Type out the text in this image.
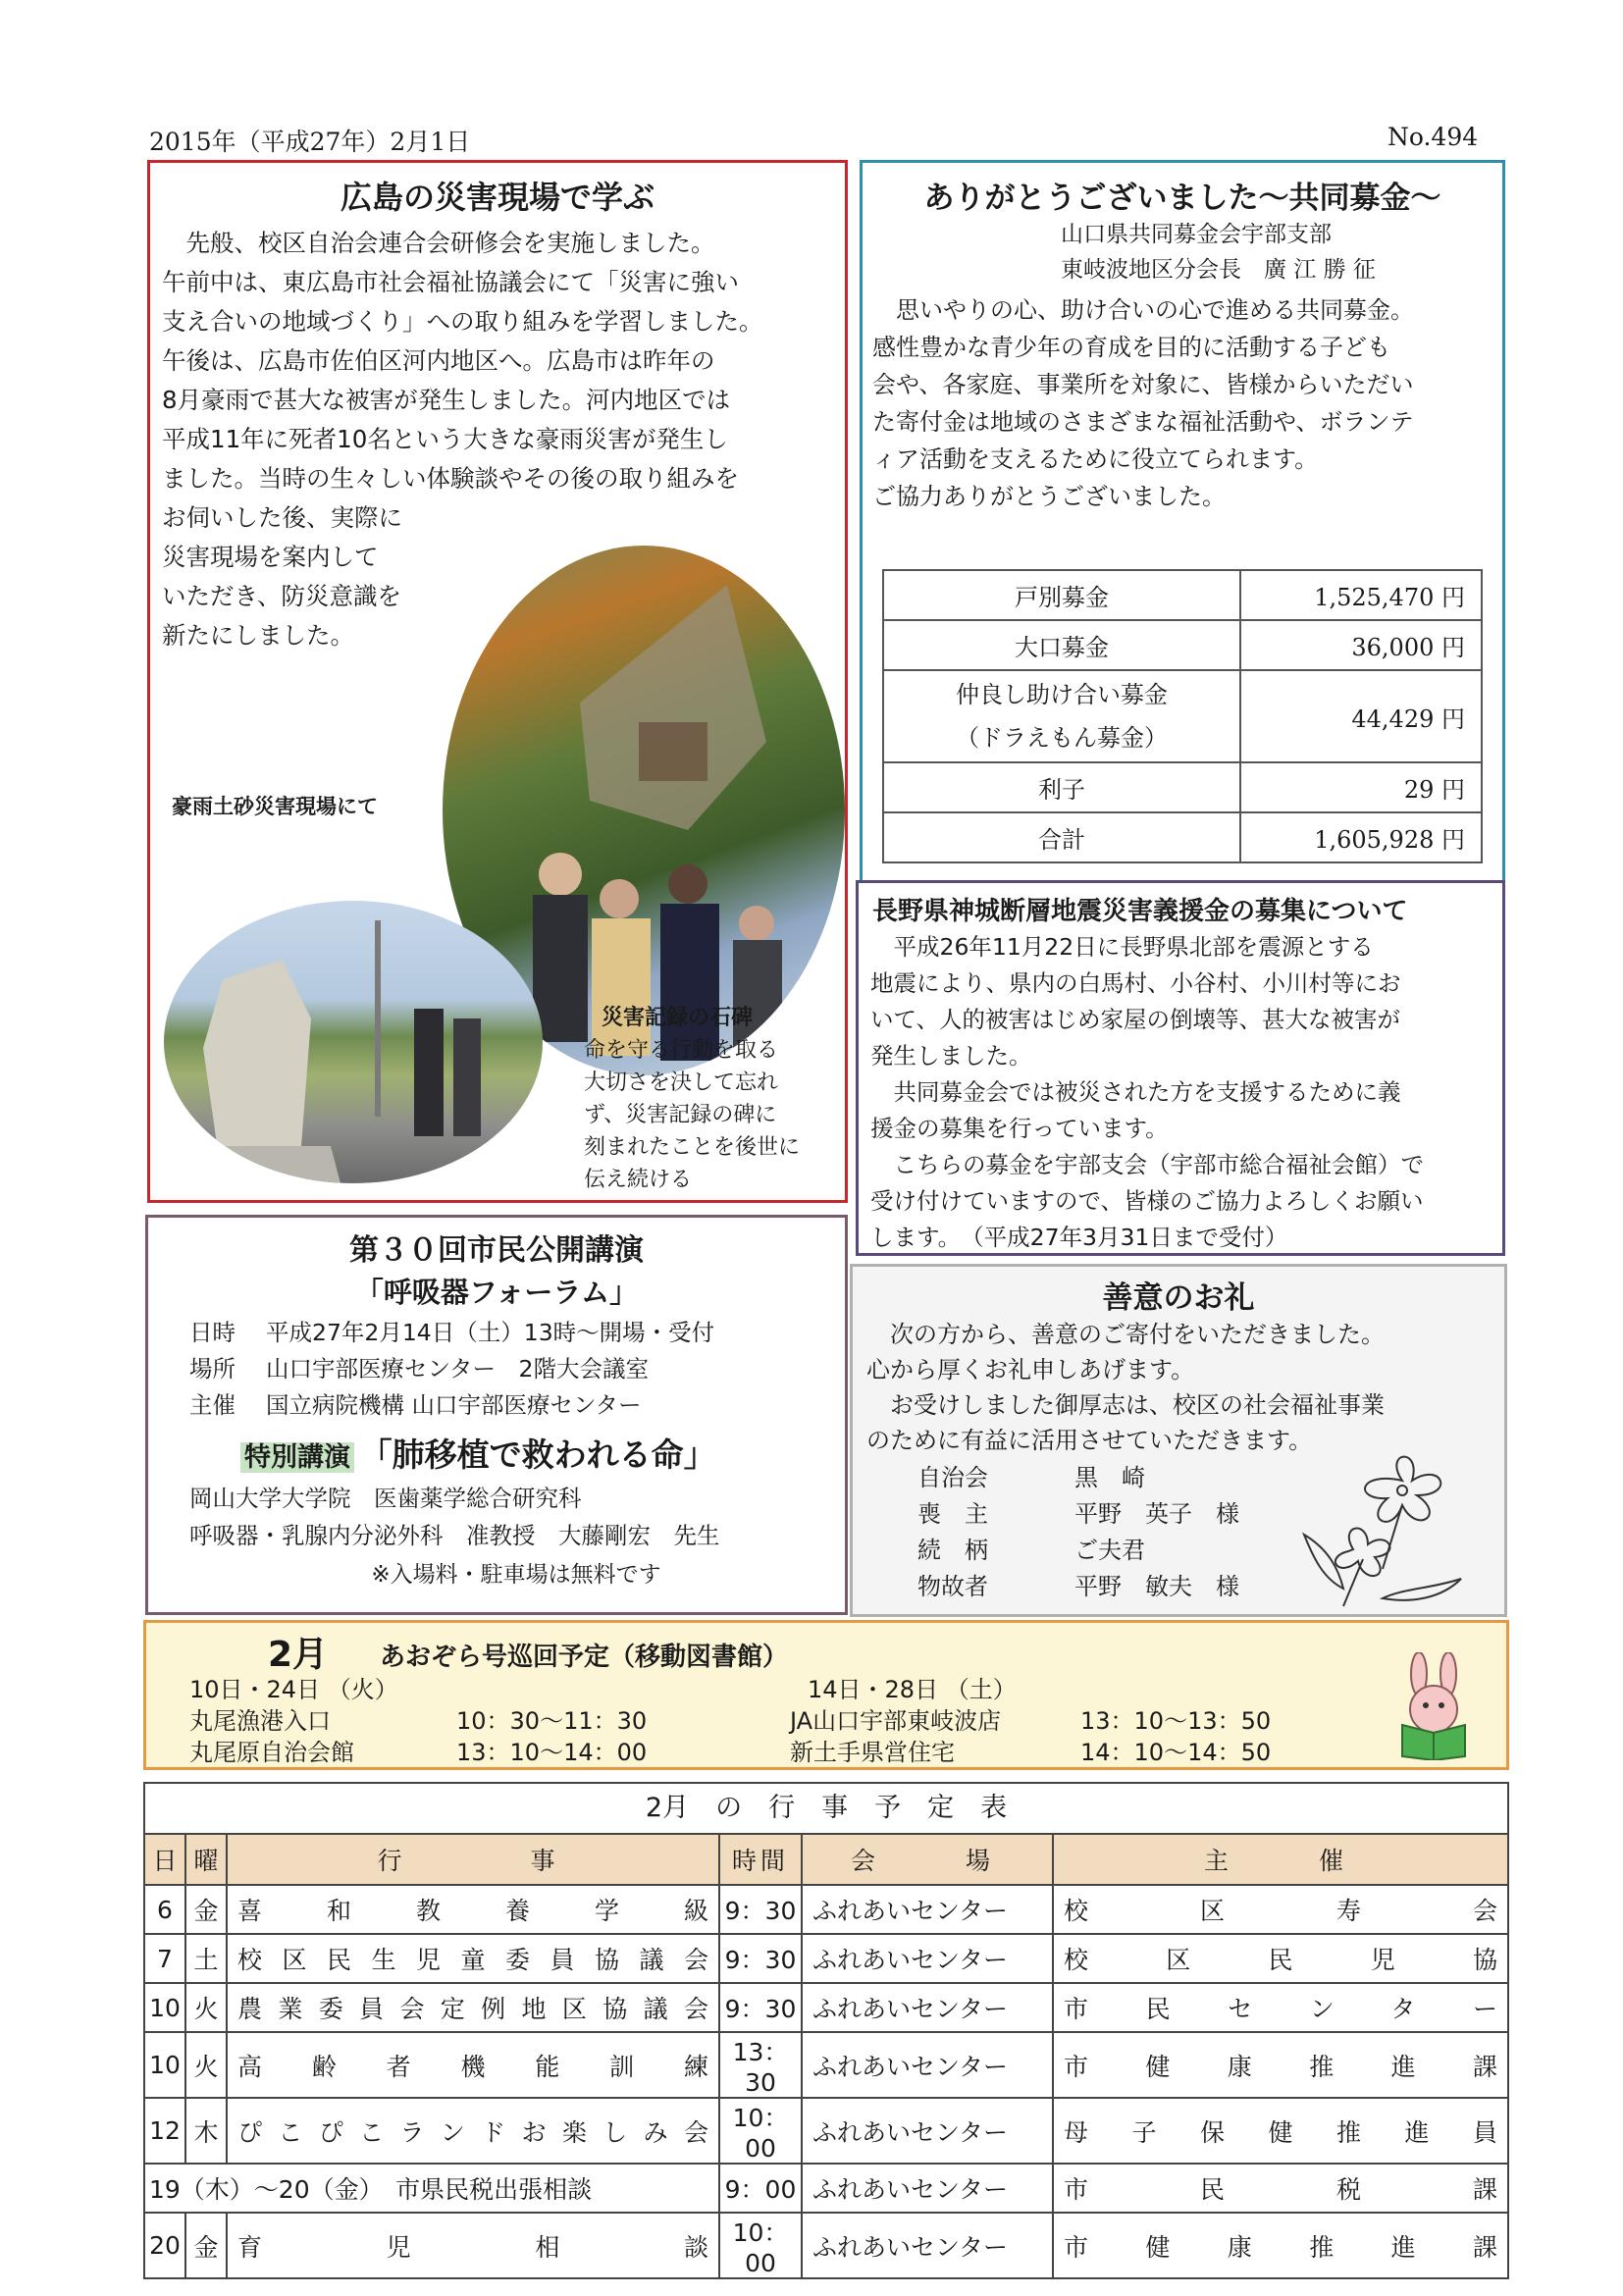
2015年（平成27年）2月1日	No.494
広島の災害現場で学ぶ

　先般、校区自治会連合会研修会を実施しました。

午前中は、東広島市社会福祉協議会にて「災害に強い

支え合いの地域づくり」への取り組みを学習しました。

午後は、広島市佐伯区河内地区へ。広島市は昨年の

8月豪雨で甚大な被害が発生しました。河内地区では

平成11年に死者10名という大きな豪雨災害が発生し

ました。当時の生々しい体験談やその後の取り組みを

お伺いした後、実際に

災害現場を案内して

いただき、防災意識を

新たにしました。

豪雨土砂災害現場にて
災害記録の石碑

命を守る行動を取る

大切さを決して忘れ

ず、災害記録の碑に

刻まれたことを後世に

伝え続ける

ありがとうございました～共同募金～

山口県共同募金会宇部支部

東岐波地区分会長　廣 江 勝 征

　思いやりの心、助け合いの心で進める共同募金。

感性豊かな青少年の育成を目的に活動する子ども

会や、各家庭、事業所を対象に、皆様からいただい

た寄付金は地域のさまざまな福祉活動や、ボランテ

ィア活動を支えるために役立てられます。

ご協力ありがとうございました。

戸別募金	1,525,470 円
大口募金	36,000 円

仲良し助け合い募金
（ドラえもん募金）	44,429 円
利子	29 円
合計	1,605,928 円
長野県神城断層地震災害義援金の募集について

　平成26年11月22日に長野県北部を震源とする

地震により、県内の白馬村、小谷村、小川村等にお

いて、人的被害はじめ家屋の倒壊等、甚大な被害が

発生しました。

　共同募金会では被災された方を支援するために義

援金の募集を行っています。

　こちらの募金を宇部支会（宇部市総合福祉会館）で

受け付けていますので、皆様のご協力よろしくお願い

します。　（平成27年3月31日まで受付）

第３０回市民公開講演
「呼吸器フォーラム」
日時 平成27年2月14日（土）13時～開場・受付
場所 山口宇部医療センター　2階大会議室
主催 国立病院機構 山口宇部医療センター
特別講演 「肺移植で救われる命」

岡山大学大学院　医歯薬学総合研究科

呼吸器・乳腺内分泌外科　准教授　大藤剛宏　先生

※入場料・駐車場は無料です
善意のお礼

　次の方から、善意のご寄付をいただきました。

心から厚くお礼申しあげます。

　お受けしました御厚志は、校区の社会福祉事業

のために有益に活用させていただきます。

自治会	黒　崎
喪　主	平野　英子　様
続　柄	ご夫君
物故者	平野　敏夫　様
2月 あおぞら号巡回予定（移動図書館）
10日・24日 （火）
丸尾漁港入口	10：30～11：30
丸尾原自治会館	13：10～14：00
14日・28日 （土）
JA山口宇部東岐波店	13：10～13：50
新土手県営住宅	14：10～14：50
2月　の　行　事　予　定　表
日	曜	行　　　事	時間	会　　場	主　　催
6	金	喜和教養学級	9：30	ふれあいセンター	校区寿会
7	土	校区民生児童委員協議会	9：30	ふれあいセンター	校区民児協
10	火	農業委員会定例地区協議会	9：30	ふれあいセンター	市民センター
10	火	高齢者機能訓練	13：30	ふれあいセンター	市健康推進課
12	木	ぴこぴこランドお楽しみ会	10：00	ふれあいセンター	母子保健推進員
19（木）～20（金）　市県民税出張相談			9：00	ふれあいセンター	市民税課
20	金	育児相談	10：00	ふれあいセンター	市健康推進課
